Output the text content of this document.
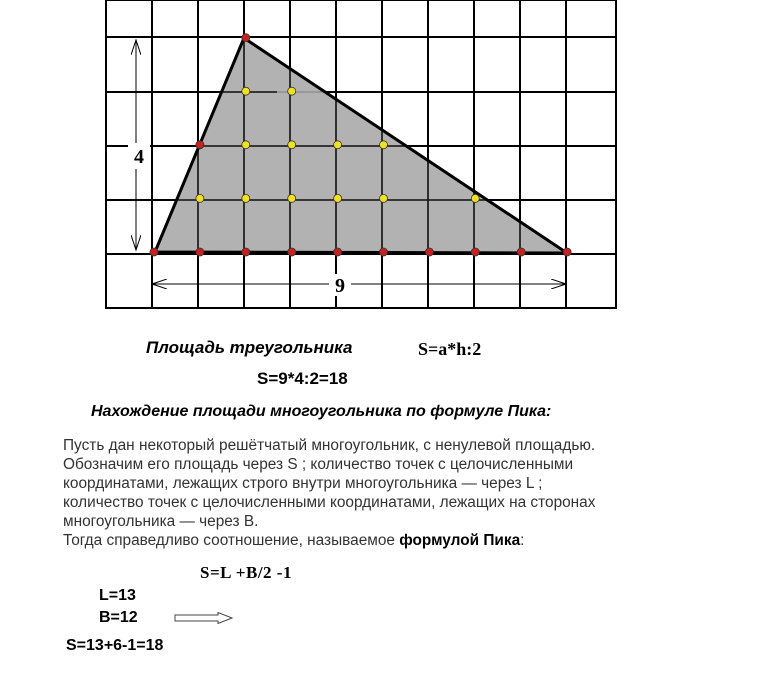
4
9
Площадь треугольника	S=a*h:2
S=9*4:2=18
Нахождение площади многоугольника по формуле Пика:
Пусть дан некоторый решётчатый многоугольник, с ненулевой площадью.
Обозначим его площадь через S ; количество точек с целочисленными
координатами, лежащих строго внутри многоугольника — через L ;
количество точек с целочисленными координатами, лежащих на сторонах
многоугольника — через B.
Тогда справедливо соотношение, называемое формулой Пика:
S=L +B/2 -1
L=13
B=12
S=13+6-1=18
